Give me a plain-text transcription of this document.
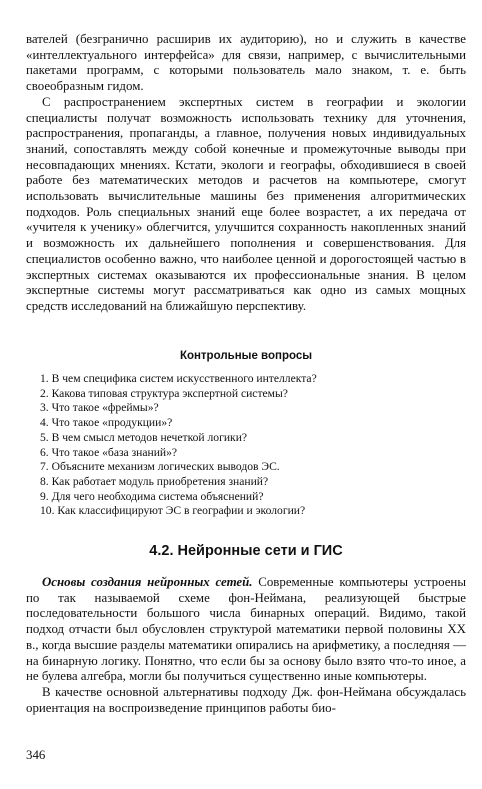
вателей (безгранично расширив их аудиторию), но и служить в качестве «интеллектуального интерфейса» для связи, например, с вычислительными пакетами программ, с которыми пользователь мало знаком, т. е. быть своеобразным гидом.

С распространением экспертных систем в географии и экологии специалисты получат возможность использовать технику для уточнения, распространения, пропаганды, а главное, получения новых индивидуальных знаний, сопоставлять между собой конечные и промежуточные выводы при несовпадающих мнениях. Кстати, экологи и географы, обходившиеся в своей работе без математических методов и расчетов на компьютере, смогут использовать вычислительные машины без применения алгоритмических подходов. Роль специальных знаний еще более возрастет, а их передача от «учителя к ученику» облегчится, улучшится сохранность накопленных знаний и возможность их дальнейшего пополнения и совершенствования. Для специалистов особенно важно, что наиболее ценной и дорогостоящей частью в экспертных системах оказываются их профессиональные знания. В целом экспертные системы могут рассматриваться как одно из самых мощных средств исследований на ближайшую перспективу.

Контрольные вопросы
1. В чем специфика систем искусственного интеллекта?
2. Какова типовая структура экспертной системы?
3. Что такое «фреймы»?
4. Что такое «продукции»?
5. В чем смысл методов нечеткой логики?
6. Что такое «база знаний»?
7. Объясните механизм логических выводов ЭС.
8. Как работает модуль приобретения знаний?
9. Для чего необходима система объяснений?
10. Как классифицируют ЭС в географии и экологии?
4.2. Нейронные сети и ГИС

Основы создания нейронных сетей. Современные компьютеры устроены по так называемой схеме фон-Неймана, реализующей быстрые последовательности большого числа бинарных операций. Видимо, такой подход отчасти был обусловлен структурой математики первой половины XX в., когда высшие разделы математики опирались на арифметику, а последняя — на бинарную логику. Понятно, что если бы за основу было взято что-то иное, а не булева алгебра, могли бы получиться существенно иные компьютеры.

В качестве основной альтернативы подходу Дж. фон-Неймана обсуждалась ориентация на воспроизведение принципов работы био-

346
